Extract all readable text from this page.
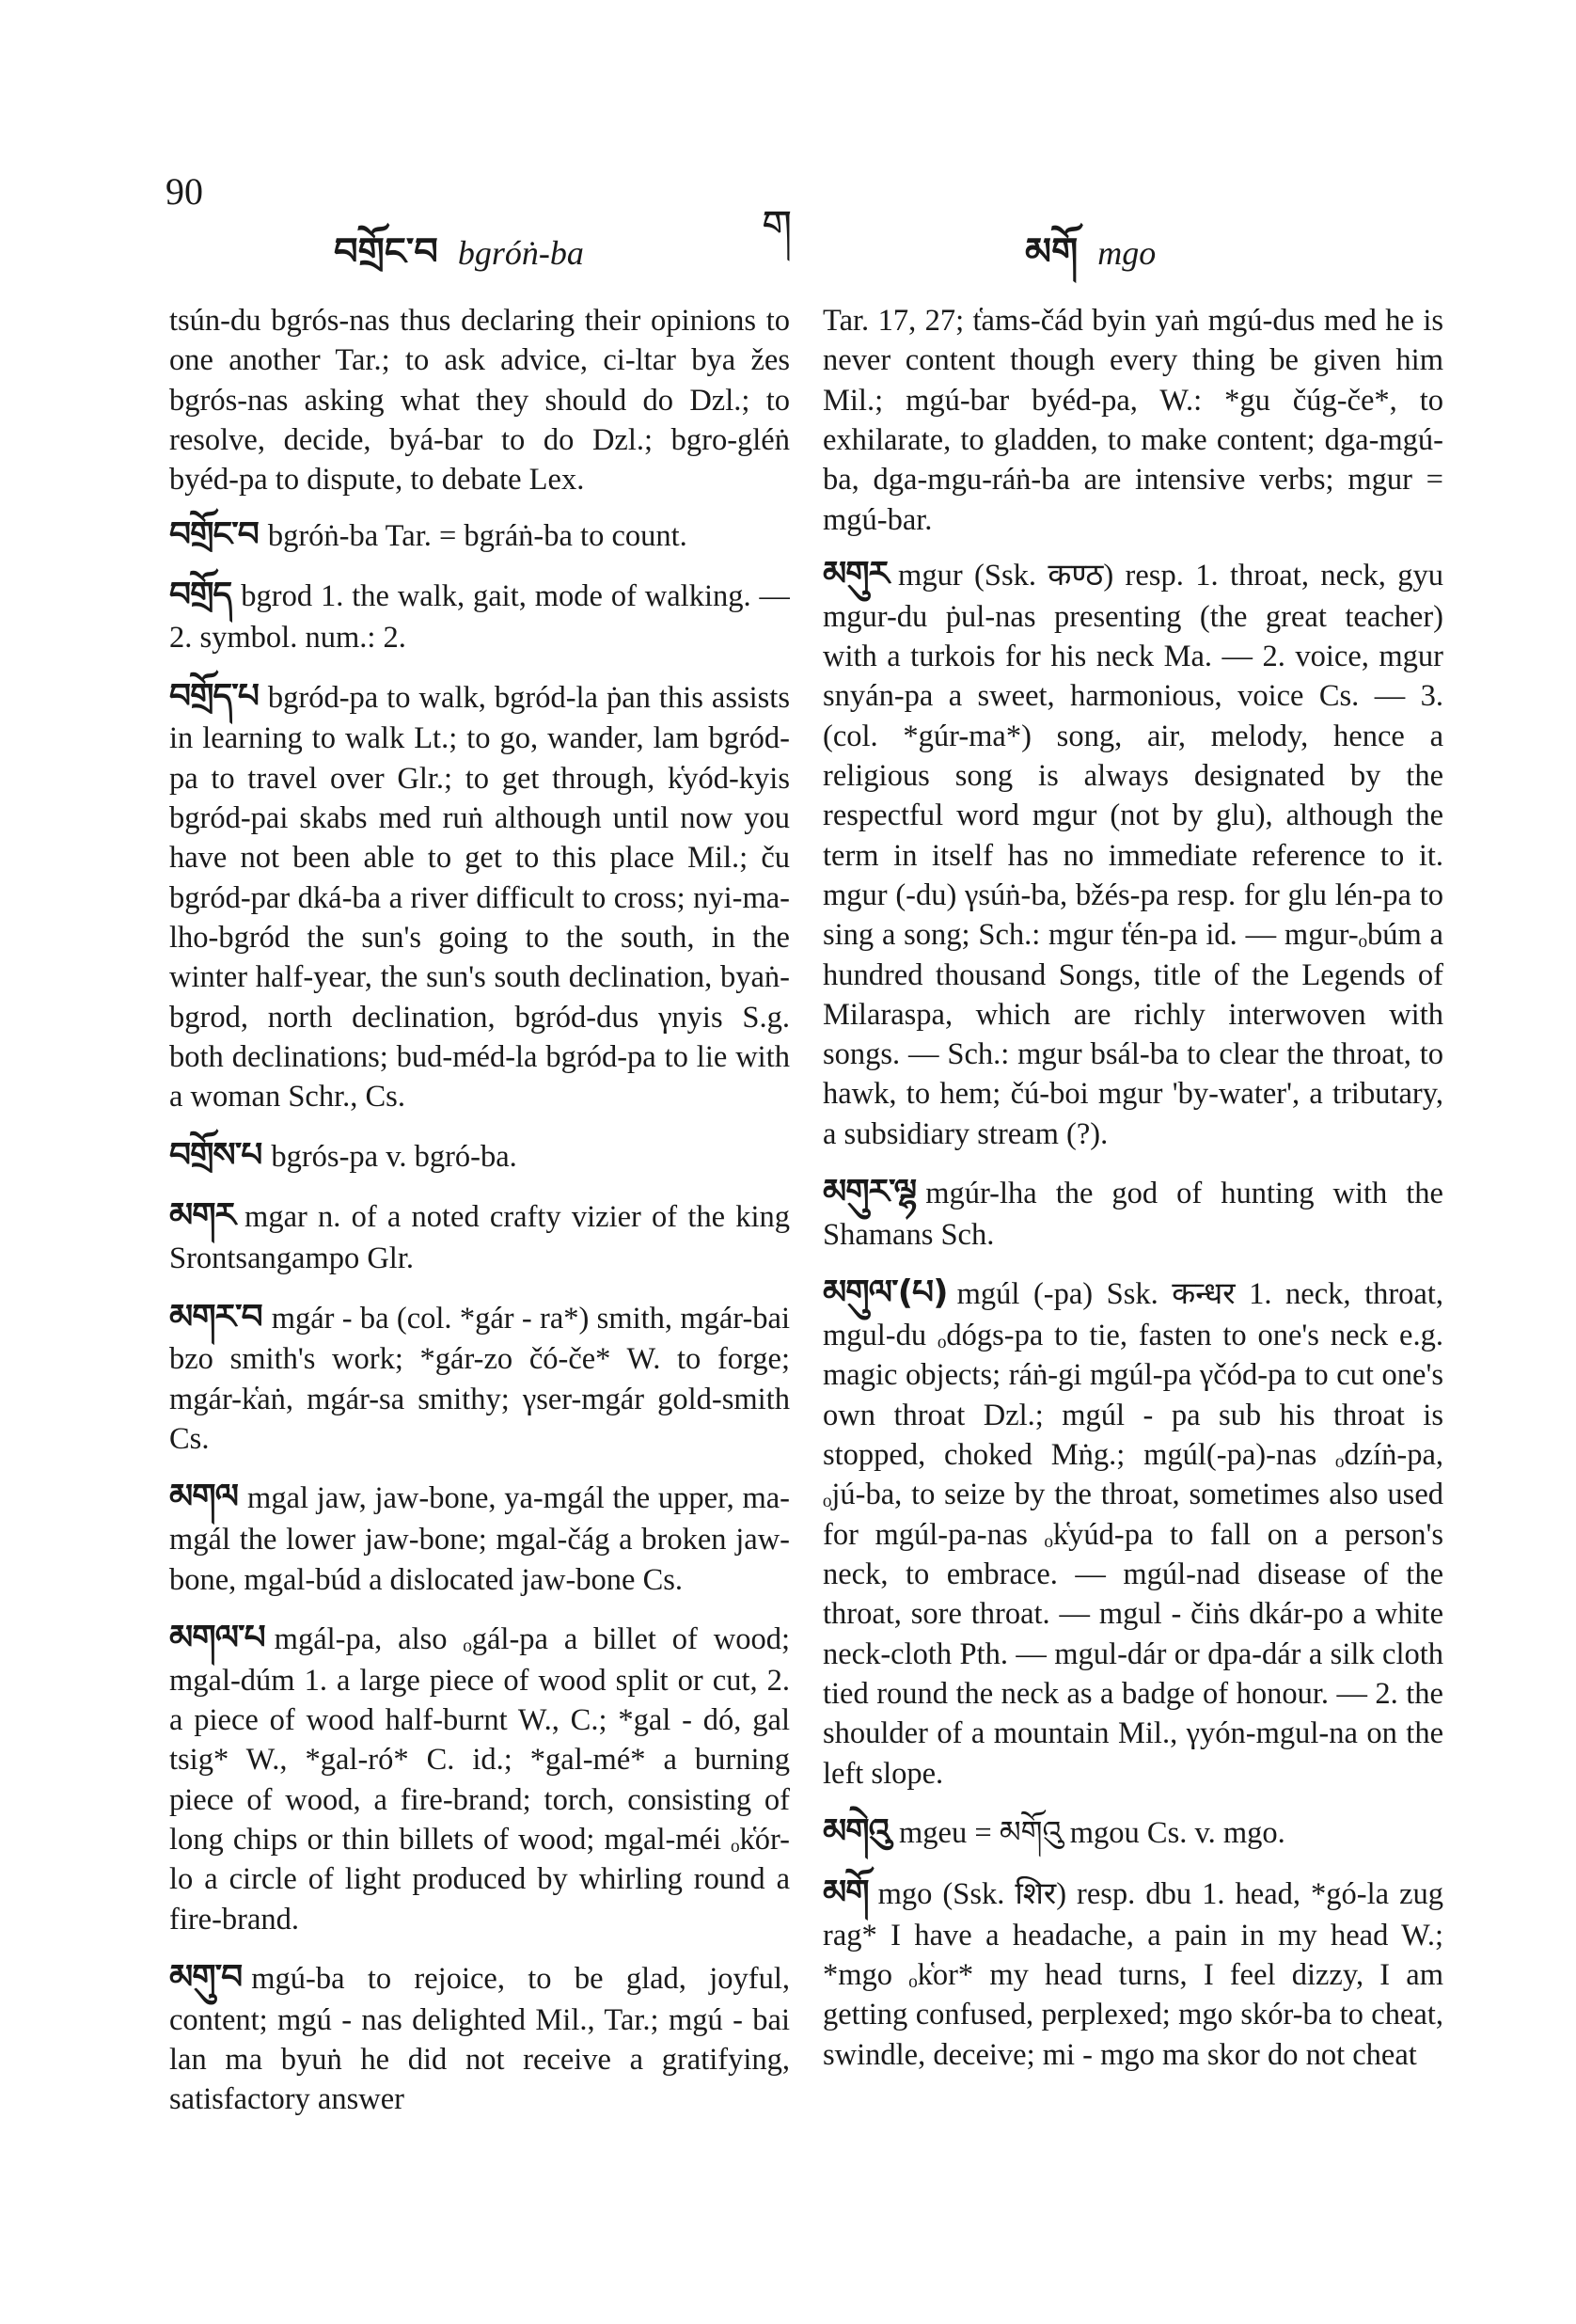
90
བགྲོང་བ bgróṅ-ba
ག
མགོ mgo

tsún-du bgrós-nas thus declaring their opinions to one another Tar.; to ask advice, ci-ltar bya žes bgrós-nas asking what they should do Dzl.; to resolve, decide, byá-bar to do Dzl.; bgro-gléṅ byéd-pa to dispute, to debate Lex.

བགྲོང་བ bgróṅ-ba Tar. = bgráṅ-ba to count.

བགྲོད bgrod 1. the walk, gait, mode of walking. — 2. symbol. num.: 2.

བགྲོད་པ bgród-pa to walk, bgród-la ṗan this assists in learning to walk Lt.; to go, wander, lam bgród-pa to travel over Glr.; to get through, k̔yód-kyis bgród-pai skabs med ruṅ although until now you have not been able to get to this place Mil.; ču bgród-par dká-ba a river difficult to cross; nyi-ma-lho-bgród the sun's going to the south, in the winter half-year, the sun's south declination, byaṅ-bgrod, north declination, bgród-dus γnyis S.g. both declinations; bud-méd-la bgród-pa to lie with a woman Schr., Cs.

བགྲོས་པ bgrós-pa v. bgró-ba.

མགར mgar n. of a noted crafty vizier of the king Srontsangampo Glr.

མགར་བ mgár - ba (col. *gár - ra*) smith, mgár-bai bzo smith's work; *gár-zo čó-če* W. to forge; mgár-k̔aṅ, mgár-sa smithy; γser-mgár gold-smith Cs.

མགལ mgal jaw, jaw-bone, ya-mgál the upper, ma-mgál the lower jaw-bone; mgal-čág a broken jaw-bone, mgal-búd a dislocated jaw-bone Cs.

མགལ་པ mgál-pa, also ₒgál-pa a billet of wood; mgal-dúm 1. a large piece of wood split or cut, 2. a piece of wood half-burnt W., C.; *gal - dó, gal tsig* W., *gal-ró* C. id.; *gal-mé* a burning piece of wood, a fire-brand; torch, consisting of long chips or thin billets of wood; mgal-méi ₒk̔ór-lo a circle of light produced by whirling round a fire-brand.

མགུ་བ mgú-ba to rejoice, to be glad, joyful, content; mgú - nas delighted Mil., Tar.; mgú - bai lan ma byuṅ he did not receive a gratifying, satisfactory answer

Tar. 17, 27; t̔ams-čád byin yaṅ mgú-dus med he is never content though every thing be given him Mil.; mgú-bar byéd-pa, W.: *gu čúg-če*, to exhilarate, to gladden, to make content; dga-mgú-ba, dga-mgu-ráṅ-ba are intensive verbs; mgur = mgú-bar.

མགུར mgur (Ssk. कण्ठ) resp. 1. throat, neck, gyu mgur-du ṗul-nas presenting (the great teacher) with a turkois for his neck Ma. — 2. voice, mgur snyán-pa a sweet, harmonious, voice Cs. — 3. (col. *gúr-ma*) song, air, melody, hence a religious song is always designated by the respectful word mgur (not by glu), although the term in itself has no immediate reference to it. mgur (-du) γsúṅ-ba, bžés-pa resp. for glu lén-pa to sing a song; Sch.: mgur t̔én-pa id. — mgur-ₒbúm a hundred thousand Songs, title of the Legends of Milaraspa, which are richly interwoven with songs. — Sch.: mgur bsál-ba to clear the throat, to hawk, to hem; čú-boi mgur 'by-water', a tributary, a subsidiary stream (?).

མགུར་ལྷ mgúr-lha the god of hunting with the Shamans Sch.

མགུལ་(པ) mgúl (-pa) Ssk. कन्धर 1. neck, throat, mgul-du ₒdógs-pa to tie, fasten to one's neck e.g. magic objects; ráṅ-gi mgúl-pa γčód-pa to cut one's own throat Dzl.; mgúl - pa sub his throat is stopped, choked Mṅg.; mgúl(-pa)-nas ₒdzíṅ-pa, ₒjú-ba, to seize by the throat, sometimes also used for mgúl-pa-nas ₒk̔yúd-pa to fall on a person's neck, to embrace. — mgúl-nad disease of the throat, sore throat. — mgul - čiṅs dkár-po a white neck-cloth Pth. — mgul-dár or dpa-dár a silk cloth tied round the neck as a badge of honour. — 2. the shoulder of a mountain Mil., γyón-mgul-na on the left slope.

མགེའུ mgeu = མགོའུ mgou Cs. v. mgo.

མགོ mgo (Ssk. शिर) resp. dbu 1. head, *gó-la zug rag* I have a headache, a pain in my head W.; *mgo ₒk̔or* my head turns, I feel dizzy, I am getting confused, perplexed; mgo skór-ba to cheat, swindle, deceive; mi - mgo ma skor do not cheat
